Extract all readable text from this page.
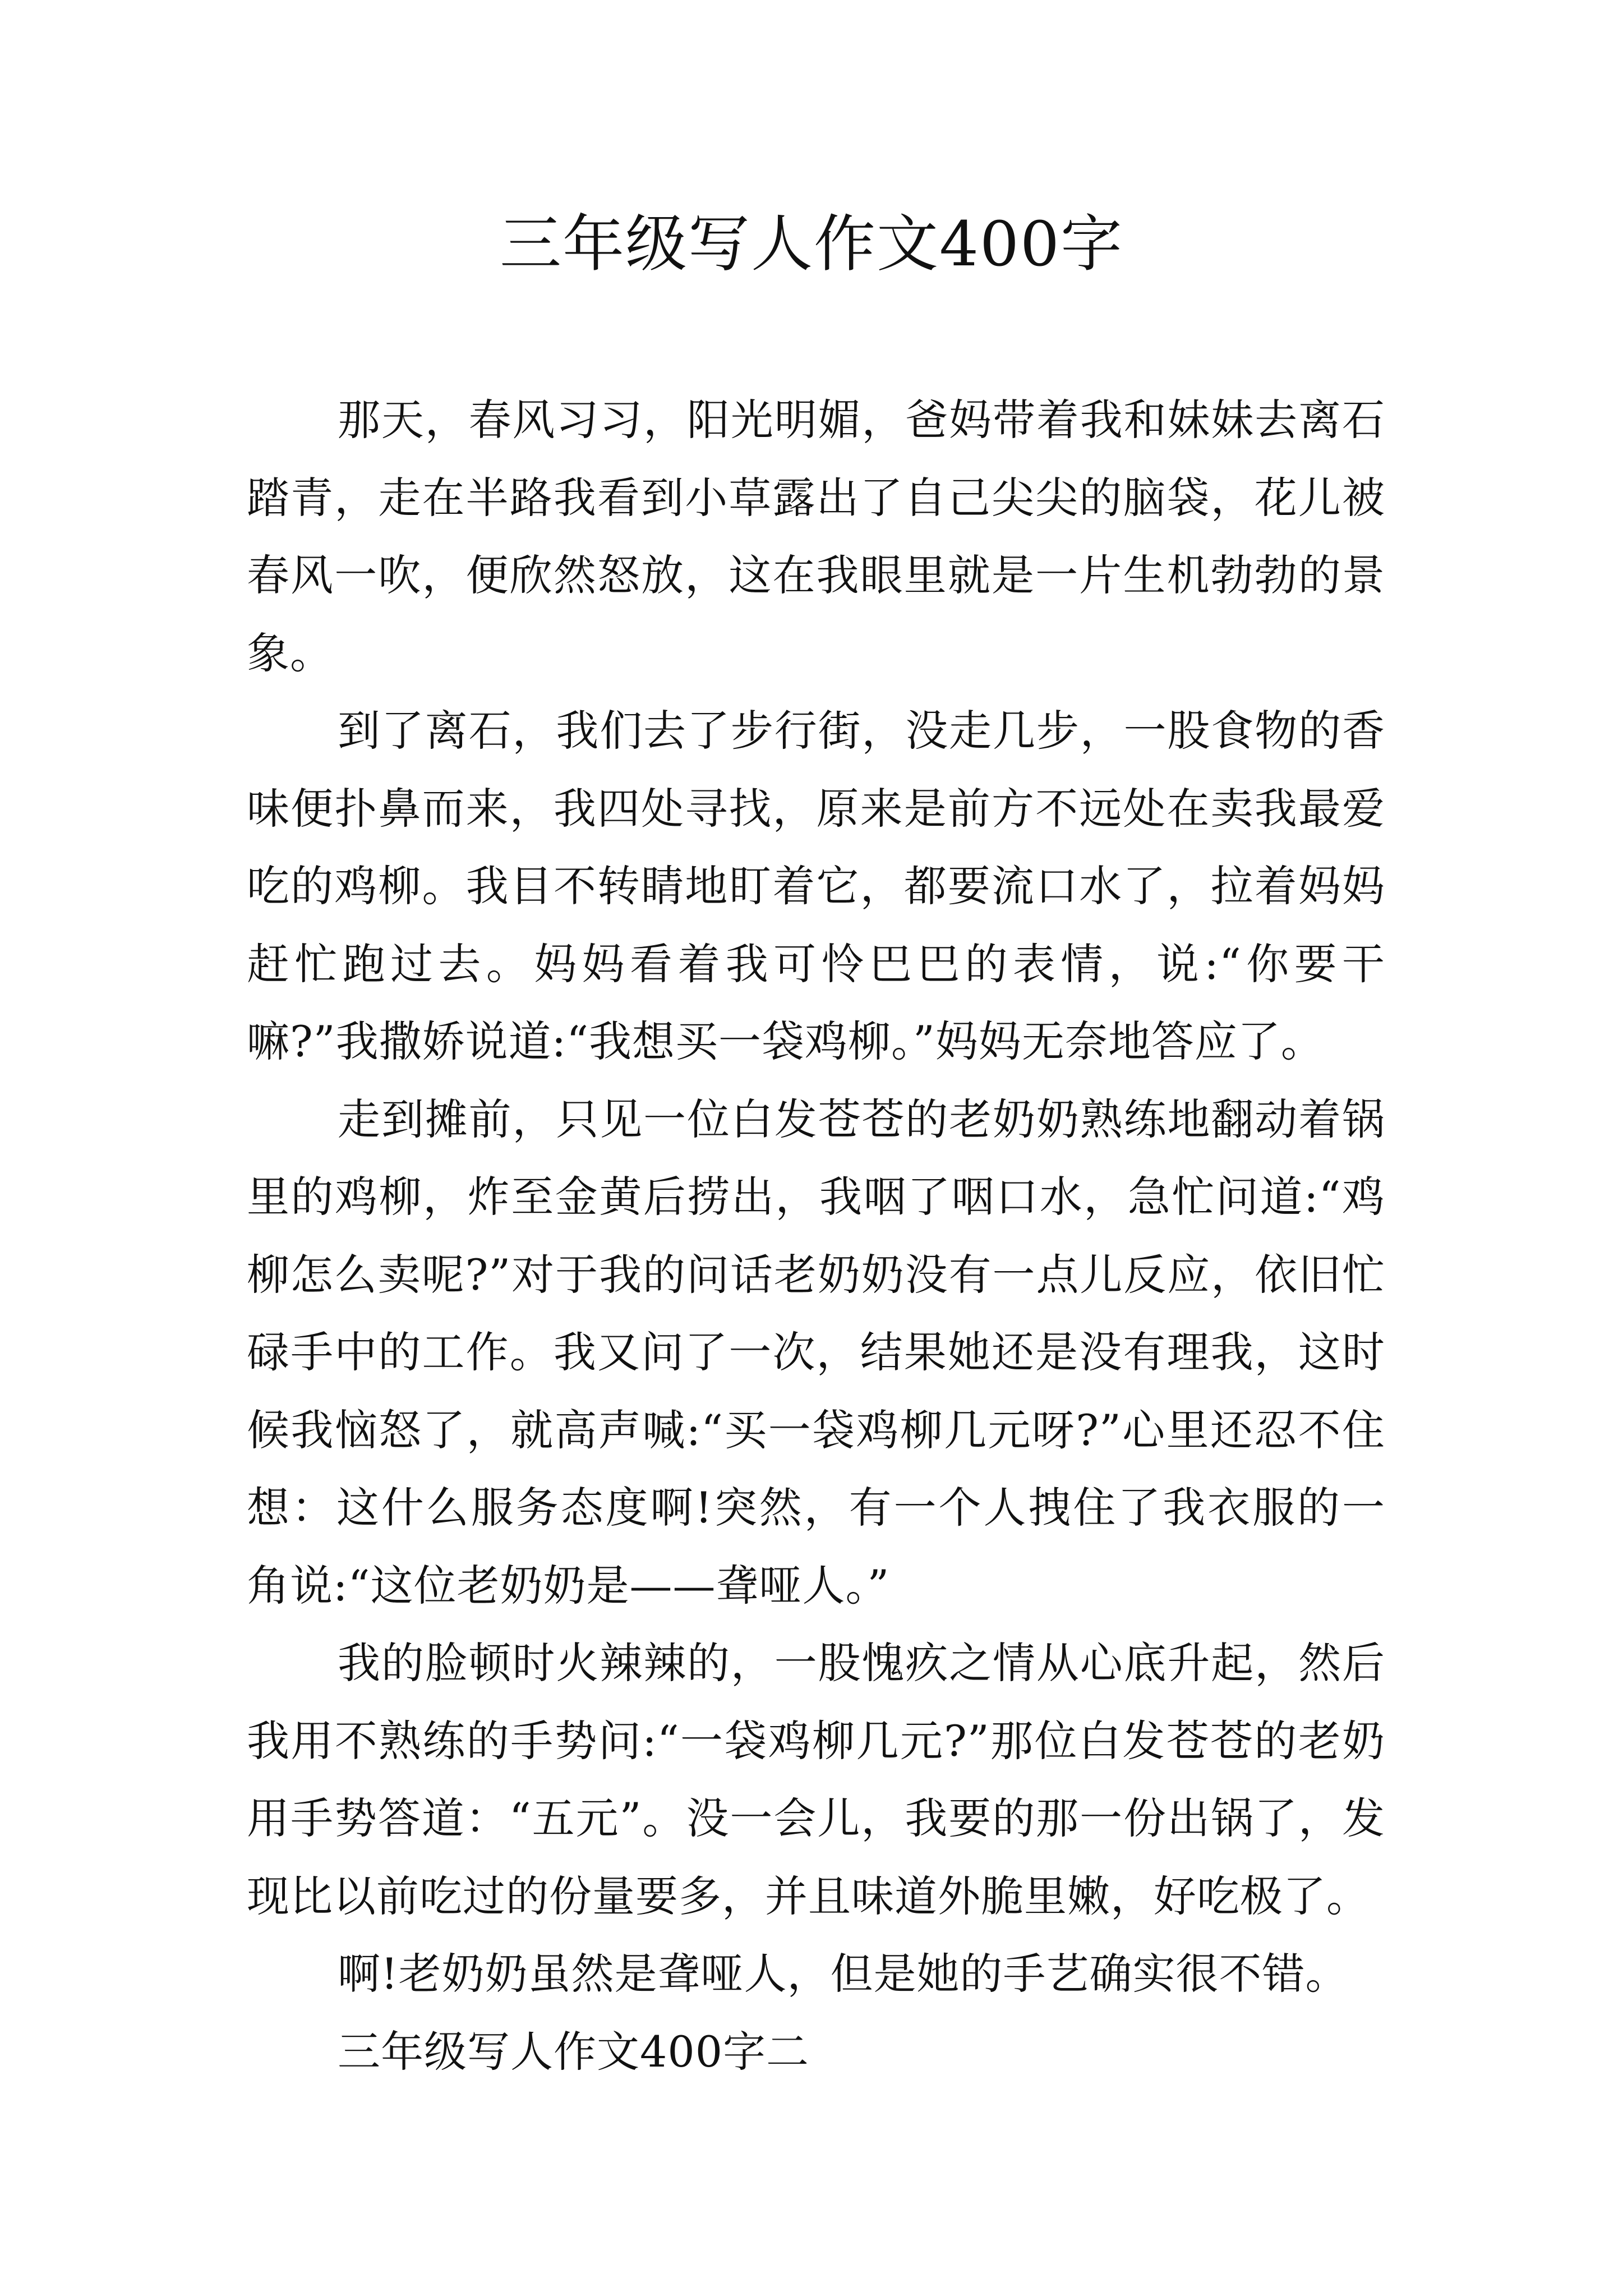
三年级写人作文400字

那天，春风习习，阳光明媚，爸妈带着我和妹妹去离石踏青，走在半路我看到小草露出了自己尖尖的脑袋，花儿被春风一吹，便欣然怒放，这在我眼里就是一片生机勃勃的景象。

到了离石，我们去了步行街，没走几步，一股食物的香味便扑鼻而来，我四处寻找，原来是前方不远处在卖我最爱吃的鸡柳。我目不转睛地盯着它，都要流口水了，拉着妈妈赶忙跑过去。妈妈看着我可怜巴巴的表情，说:“你要干嘛?”我撒娇说道:“我想买一袋鸡柳。”妈妈无奈地答应了。

走到摊前，只见一位白发苍苍的老奶奶熟练地翻动着锅里的鸡柳，炸至金黄后捞出，我咽了咽口水，急忙问道:“鸡柳怎么卖呢?”对于我的问话老奶奶没有一点儿反应，依旧忙碌手中的工作。我又问了一次，结果她还是没有理我，这时候我恼怒了，就高声喊:“买一袋鸡柳几元呀?”心里还忍不住想：这什么服务态度啊!突然，有一个人拽住了我衣服的一角说:“这位老奶奶是——聋哑人。”

我的脸顿时火辣辣的，一股愧疚之情从心底升起，然后我用不熟练的手势问:“一袋鸡柳几元?”那位白发苍苍的老奶用手势答道：“五元”。没一会儿，我要的那一份出锅了，发现比以前吃过的份量要多，并且味道外脆里嫩，好吃极了。

啊!老奶奶虽然是聋哑人，但是她的手艺确实很不错。

三年级写人作文400字二
